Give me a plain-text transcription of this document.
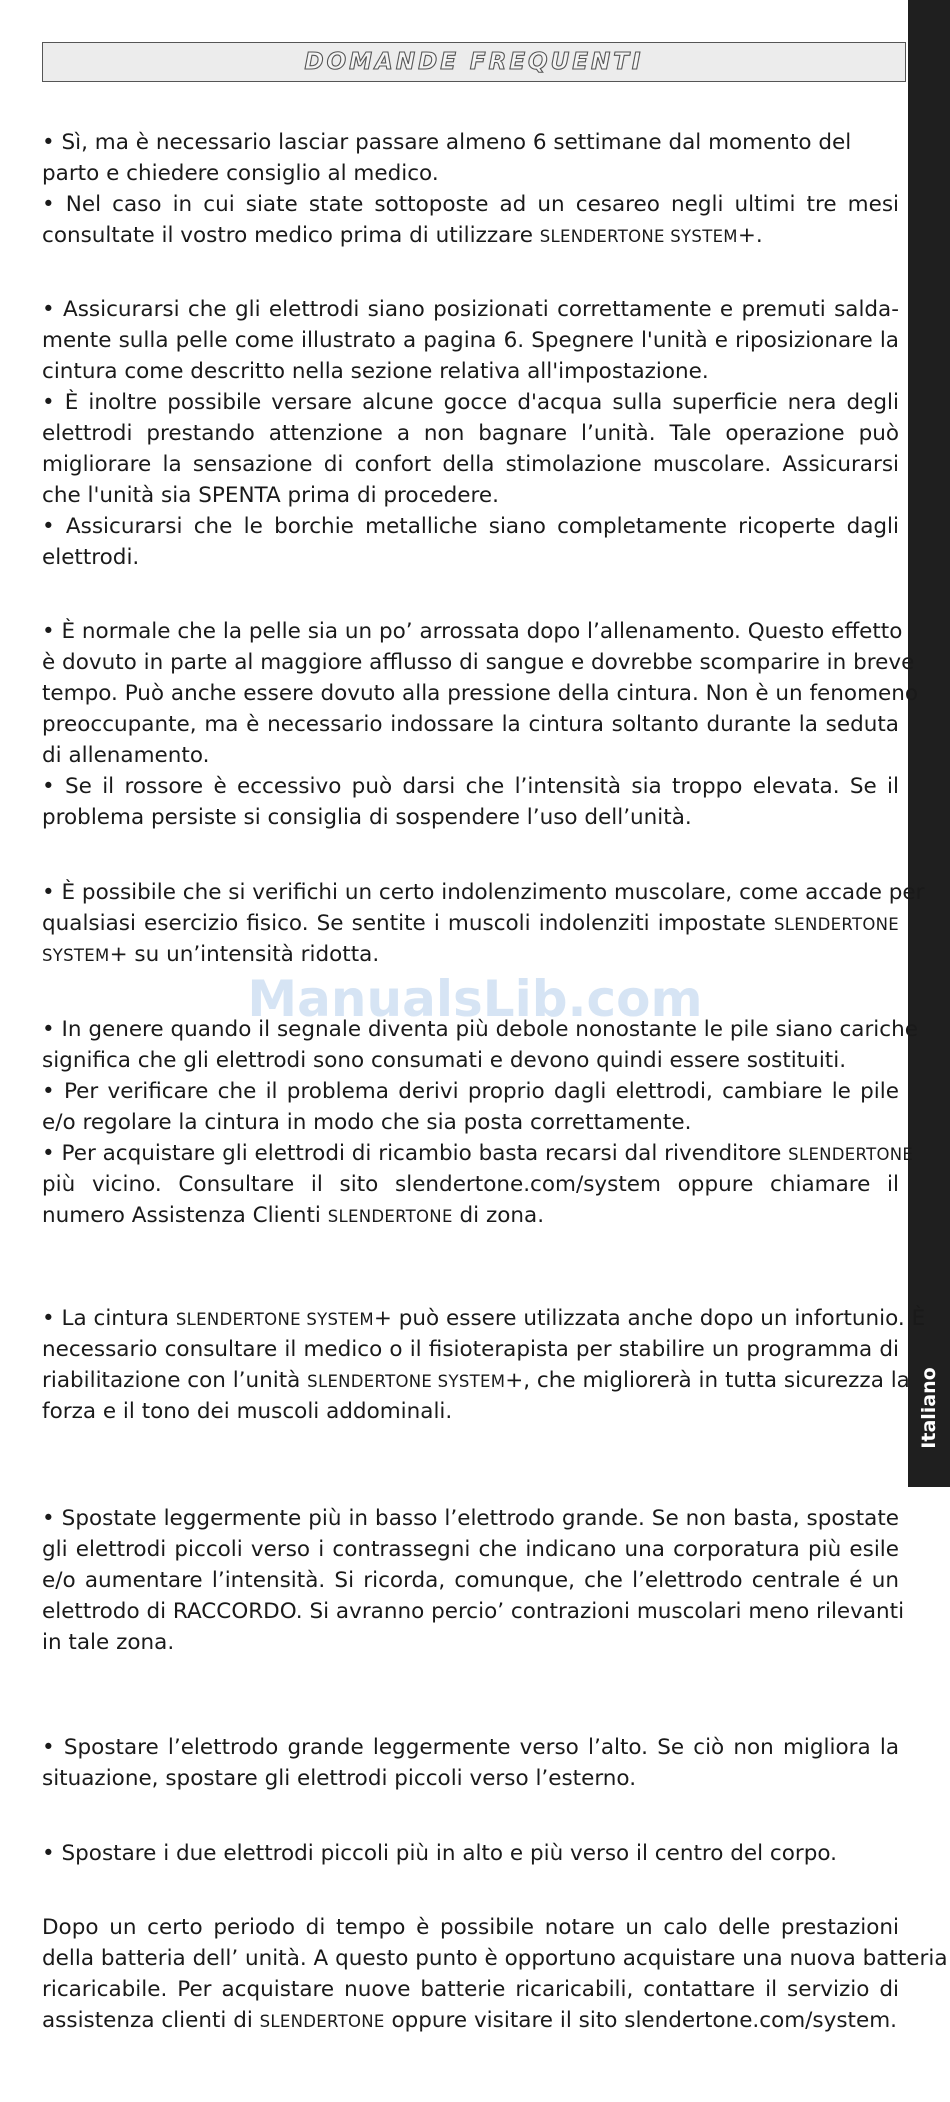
DOMANDE FREQUENTI
Italiano
• Sì, ma è necessario lasciar passare almeno 6 settimane dal momento del
parto e chiedere consiglio al medico.
• Nel caso in cui siate state sottoposte ad un cesareo negli ultimi tre mesi
consultate il vostro medico prima di utilizzare SLENDERTONE SYSTEM+.
• Assicurarsi che gli elettrodi siano posizionati correttamente e premuti salda-
mente sulla pelle come illustrato a pagina 6. Spegnere l'unità e riposizionare la
cintura come descritto nella sezione relativa all'impostazione.
• È inoltre possibile versare alcune gocce d'acqua sulla superficie nera degli
elettrodi prestando attenzione a non bagnare l’unità. Tale operazione può
migliorare la sensazione di confort della stimolazione muscolare. Assicurarsi
che l'unità sia SPENTA prima di procedere.
• Assicurarsi che le borchie metalliche siano completamente ricoperte dagli
elettrodi.
• È normale che la pelle sia un po’ arrossata dopo l’allenamento. Questo effetto
è dovuto in parte al maggiore afflusso di sangue e dovrebbe scomparire in breve
tempo. Può anche essere dovuto alla pressione della cintura. Non è un fenomeno
preoccupante, ma è necessario indossare la cintura soltanto durante la seduta
di allenamento.
• Se il rossore è eccessivo può darsi che l’intensità sia troppo elevata. Se il
problema persiste si consiglia di sospendere l’uso dell’unità.
• È possibile che si verifichi un certo indolenzimento muscolare, come accade per
qualsiasi esercizio fisico. Se sentite i muscoli indolenziti impostate SLENDERTONE
SYSTEM+ su un’intensità ridotta.
• In genere quando il segnale diventa più debole nonostante le pile siano cariche
significa che gli elettrodi sono consumati e devono quindi essere sostituiti.
• Per verificare che il problema derivi proprio dagli elettrodi, cambiare le pile
e/o regolare la cintura in modo che sia posta correttamente.
• Per acquistare gli elettrodi di ricambio basta recarsi dal rivenditore SLENDERTONE
più vicino. Consultare il sito slendertone.com/system oppure chiamare il
numero Assistenza Clienti SLENDERTONE di zona.
• La cintura SLENDERTONE SYSTEM+ può essere utilizzata anche dopo un infortunio. È
necessario consultare il medico o il fisioterapista per stabilire un programma di
riabilitazione con l’unità SLENDERTONE SYSTEM+, che migliorerà in tutta sicurezza la
forza e il tono dei muscoli addominali.
• Spostate leggermente più in basso l’elettrodo grande. Se non basta, spostate
gli elettrodi piccoli verso i contrassegni che indicano una corporatura più esile
e/o aumentare l’intensità. Si ricorda, comunque, che l’elettrodo centrale é un
elettrodo di RACCORDO. Si avranno percio’ contrazioni muscolari meno rilevanti
in tale zona.
• Spostare l’elettrodo grande leggermente verso l’alto. Se ciò non migliora la
situazione, spostare gli elettrodi piccoli verso l’esterno.
• Spostare i due elettrodi piccoli più in alto e più verso il centro del corpo.
Dopo un certo periodo di tempo è possibile notare un calo delle prestazioni
della batteria dell’ unità. A questo punto è opportuno acquistare una nuova batteria
ricaricabile. Per acquistare nuove batterie ricaricabili, contattare il servizio di
assistenza clienti di SLENDERTONE oppure visitare il sito slendertone.com/system.
ManualsLib.com
